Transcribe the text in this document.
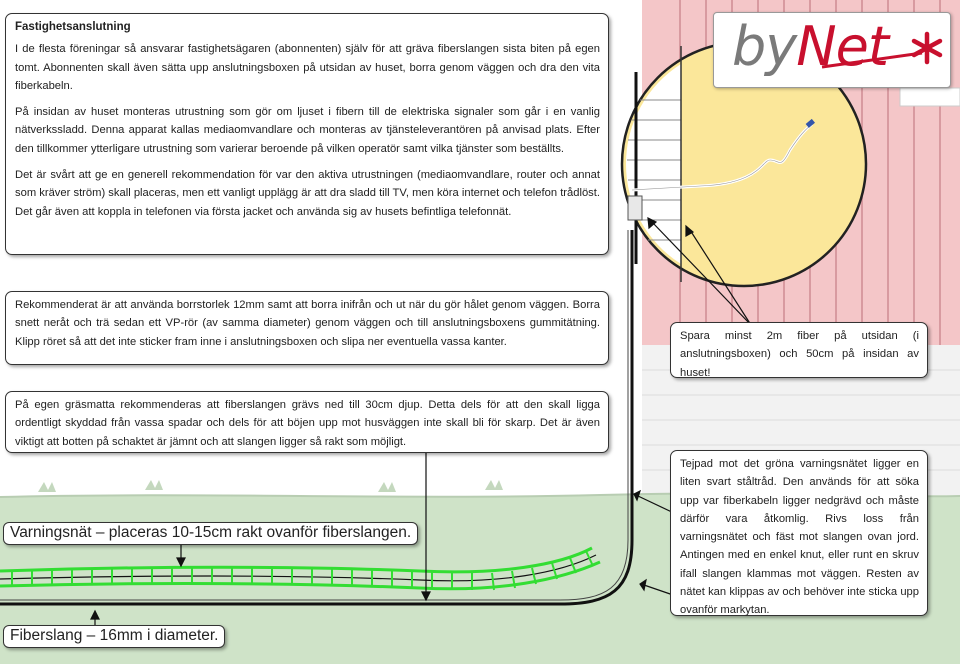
byNet
Fastighetsanslutning

I de flesta föreningar så ansvarar fastighetsägaren (abonnenten) själv för att gräva fiberslangen sista biten på egen tomt. Abonnenten skall även sätta upp anslutningsboxen på utsidan av huset, borra genom väggen och dra den vita fiberkabeln.

På insidan av huset monteras utrustning som gör om ljuset i fibern till de elektriska signaler som går i en vanlig nätverkssladd. Denna apparat kallas mediaomvandlare och monteras av tjänsteleverantören på anvisad plats. Efter den tillkommer ytterligare utrustning som varierar beroende på vilken operatör samt vilka tjänster som beställts.

Det är svårt att ge en generell rekommendation för var den aktiva utrustningen (mediaomvandlare, router och annat som kräver ström) skall placeras, men ett vanligt upplägg är att dra sladd till TV, men köra internet och telefon trådlöst. Det går även att koppla in telefonen via första jacket och använda sig av husets befintliga telefonnät.

Rekommenderat är att använda borrstorlek 12mm samt att borra inifrån och ut när du gör hålet genom väggen. Borra snett neråt och trä sedan ett VP-rör (av samma diameter) genom väggen och till anslutningsboxens gummitätning. Klipp röret så att det inte sticker fram inne i anslutningsboxen och slipa ner eventuella vassa kanter.

På egen gräsmatta rekommenderas att fiberslangen grävs ned till 30cm djup. Detta dels för att den skall ligga ordentligt skyddad från vassa spadar och dels för att böjen upp mot husväggen inte skall bli för skarp. Det är även viktigt att botten på schaktet är jämnt och att slangen ligger så rakt som möjligt.

Spara minst 2m fiber på utsidan (i anslutningsboxen) och 50cm på insidan av huset!

Tejpad mot det gröna varningsnätet ligger en liten svart ståltråd. Den används för att söka upp var fiberkabeln ligger nedgrävd och måste därför vara åtkomlig. Rivs loss från varningsnätet och fäst mot slangen ovan jord. Antingen med en enkel knut, eller runt en skruv ifall slangen klammas mot väggen. Resten av nätet kan klippas av och behöver inte sticka upp ovanför markytan.

Varningsnät – placeras 10-15cm rakt ovanför fiberslangen.
Fiberslang – 16mm i diameter.
